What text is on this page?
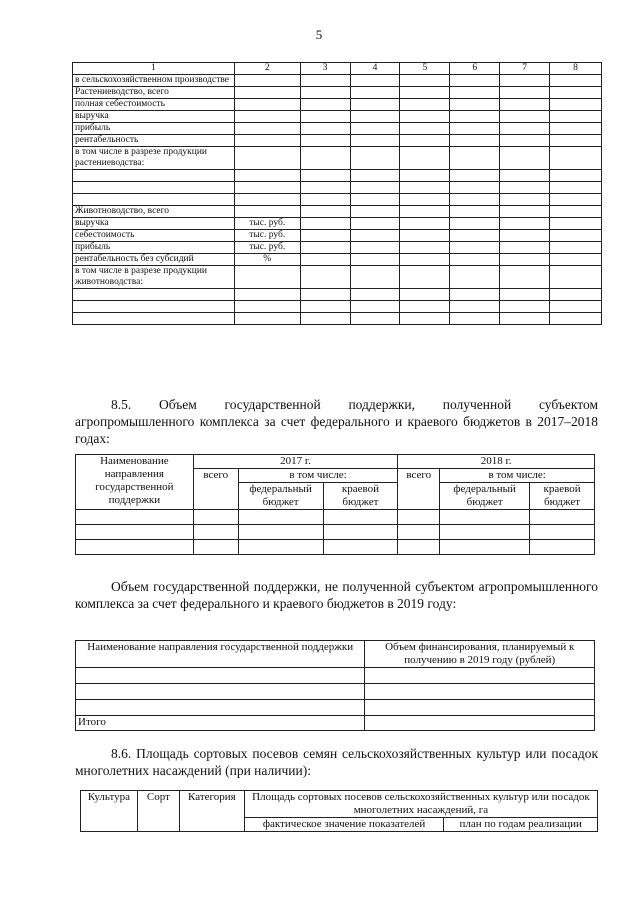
5
1	2	3	4	5	6	7	8
в сельскохозяйственном производстве							
Растениеводство, всего							
полная себестоимость							
выручка							
прибыль							
рентабельность							
в том числе в разрезе продукции растениеводства:							

Животноводство, всего							
выручка	тыс. руб.						
себестоимость	тыс. руб.						
прибыль	тыс. руб.						
рентабельность без субсидий	%						
в том числе в разрезе продукции животноводства:							

8.5. Объем государственной поддержки, полученной субъектом агропромышленного комплекса за счет федерального и краевого бюджетов в 2017–2018 годах:
Наименование направления государственной поддержки	2017 г.			2018 г.		
	всего	в том числе:		всего	в том числе:	
		федеральный бюджет	краевой бюджет		федеральный бюджет	краевой бюджет

Объем государственной поддержки, не полученной субъектом агропромышленного комплекса за счет федерального и краевого бюджетов в 2019 году:
Наименование направления государственной поддержки	Объем финансирования, планируемый к получению в 2019 году (рублей)

Итого	
8.6. Площадь сортовых посевов семян сельскохозяйственных культур или посадок многолетних насаждений (при наличии):
Культура	Сорт	Категория	Площадь сортовых посевов сельскохозяйственных культур или посадок многолетних насаждений, га	
			фактическое значение показателей	план по годам реализации
